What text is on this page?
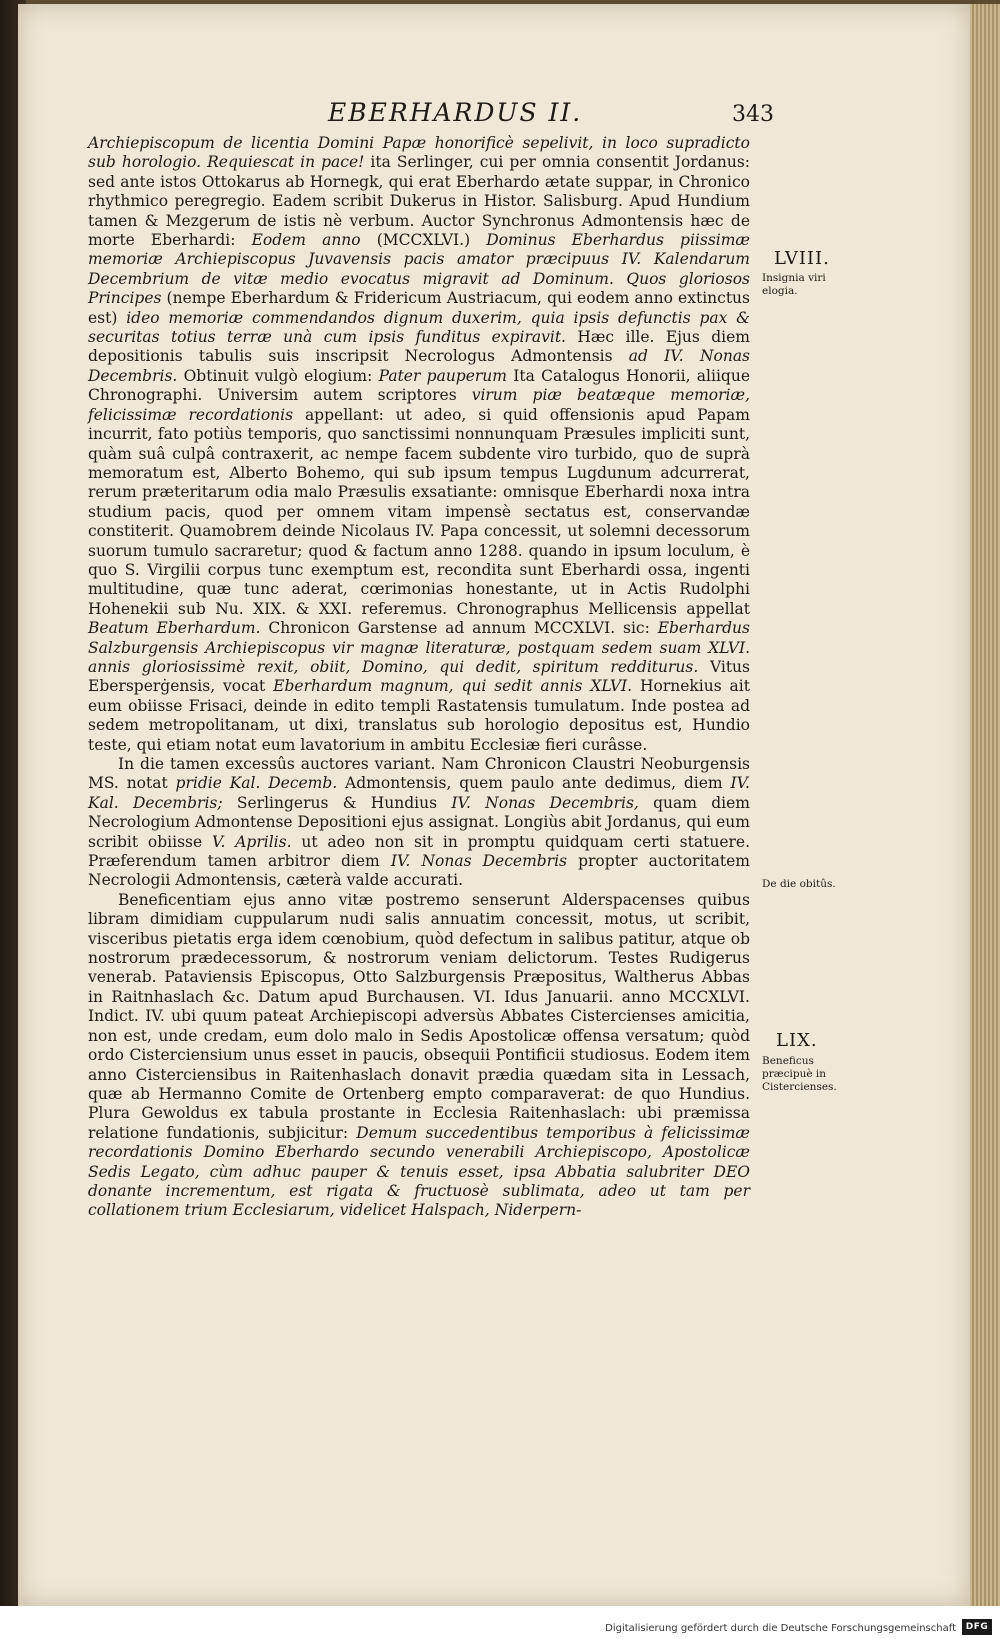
EBERHARDUS II.	343

Archiepiscopum de licentia Domini Papæ honorificè sepelivit, in loco supradicto sub horologio. Requiescat in pace! ita Serlinger, cui per omnia consentit Jordanus: sed ante istos Ottokarus ab Hornegk, qui erat Eberhardo ætate suppar, in Chronico rhythmico peregregio. Eadem scribit Dukerus in Histor. Salisburg. Apud Hundium tamen & Mezgerum de istis nè verbum. Auctor Synchronus Admontensis hæc de morte Eberhardi: Eodem anno (MCCXLVI.) Dominus Eberhardus piissimæ memoriæ Archiepiscopus Juvavensis pacis amator præcipuus IV. Kalendarum Decembrium de vitæ medio evocatus migravit ad Dominum. Quos gloriosos Principes (nempe Eberhardum & Fridericum Austriacum, qui eodem anno extinctus est) ideo memoriæ commendandos dignum duxerim, quia ipsis defunctis pax & securitas totius terræ unà cum ipsis funditus expiravit. Hæc ille. Ejus diem depositionis tabulis suis inscripsit Necrologus Admontensis ad IV. Nonas Decembris. Obtinuit vulgò elogium: Pater pauperum Ita Catalogus Honorii, aliique Chronographi. Universim autem scriptores virum piæ beatæque memoriæ, felicissimæ recordationis appellant: ut adeo, si quid offensionis apud Papam incurrit, fato potiùs temporis, quo sanctissimi nonnunquam Præsules impliciti sunt, quàm suâ culpâ contraxerit, ac nempe facem subdente viro turbido, quo de suprà memoratum est, Alberto Bohemo, qui sub ipsum tempus Lugdunum adcurrerat, rerum præteritarum odia malo Præsulis exsatiante: omnisque Eberhardi noxa intra studium pacis, quod per omnem vitam impensè sectatus est, conservandæ constiterit. Quamobrem deinde Nicolaus IV. Papa concessit, ut solemni decessorum suorum tumulo sacraretur; quod & factum anno 1288. quando in ipsum loculum, è quo S. Virgilii corpus tunc exemptum est, recondita sunt Eberhardi ossa, ingenti multitudine, quæ tunc aderat, cœrimonias honestante, ut in Actis Rudolphi Hohenekii sub Nu. XIX. & XXI. referemus. Chronographus Mellicensis appellat Beatum Eberhardum. Chronicon Garstense ad annum MCCXLVI. sic: Eberhardus Salzburgensis Archiepiscopus vir magnæ literaturæ, postquam sedem suam XLVI. annis gloriosissimè rexit, obiit, Domino, qui dedit, spiritum redditurus. Vitus Ebersperġensis, vocat Eberhardum magnum, qui sedit annis XLVI. Hornekius ait eum obiisse Frisaci, deinde in edito templi Rastatensis tumulatum. Inde postea ad sedem metropolitanam, ut dixi, translatus sub horologio depositus est, Hundio teste, qui etiam notat eum lavatorium in ambitu Ecclesiæ fieri curâsse.

In die tamen excessûs auctores variant. Nam Chronicon Claustri Neoburgensis MS. notat pridie Kal. Decemb. Admontensis, quem paulo ante dedimus, diem IV. Kal. Decembris; Serlingerus & Hundius IV. Nonas Decembris, quam diem Necrologium Admontense Depositioni ejus assignat. Longiùs abit Jordanus, qui eum scribit obiisse V. Aprilis. ut adeo non sit in promptu quidquam certi statuere. Præferendum tamen arbitror diem IV. Nonas Decembris propter auctoritatem Necrologii Admontensis, cæterà valde accurati.

Beneficentiam ejus anno vitæ postremo senserunt Alderspacenses quibus libram dimidiam cuppularum nudi salis annuatim concessit, motus, ut scribit, visceribus pietatis erga idem cœnobium, quòd defectum in salibus patitur, atque ob nostrorum prædecessorum, & nostrorum veniam delictorum. Testes Rudigerus venerab. Pataviensis Episcopus, Otto Salzburgensis Præpositus, Waltherus Abbas in Raitnhaslach &c. Datum apud Burchausen. VI. Idus Januarii. anno MCCXLVI. Indict. IV. ubi quum pateat Archiepiscopi adversùs Abbates Cistercienses amicitia, non est, unde credam, eum dolo malo in Sedis Apostolicæ offensa versatum; quòd ordo Cisterciensium unus esset in paucis, obsequii Pontificii studiosus. Eodem item anno Cisterciensibus in Raitenhaslach donavit prædia quædam sita in Lessach, quæ ab Hermanno Comite de Ortenberg empto comparaverat: de quo Hundius. Plura Gewoldus ex tabula prostante in Ecclesia Raitenhaslach: ubi præmissa relatione fundationis, subjicitur: Demum succedentibus temporibus à felicissimæ recordationis Domino Eberhardo secundo venerabili Archiepiscopo, Apostolicæ Sedis Legato, cùm adhuc pauper & tenuis esset, ipsa Abbatia salubriter DEO donante incrementum, est rigata & fructuosè sublimata, adeo ut tam per collationem trium Ecclesiarum, videlicet Halspach, Niderpern-

LVIII.
Insignia viri
elogia.
De die obitûs.
LIX.
Beneficus
præcipuè in
Cistercienses.
Digitalisierung gefördert durch die Deutsche Forschungsgemeinschaft	DFG
